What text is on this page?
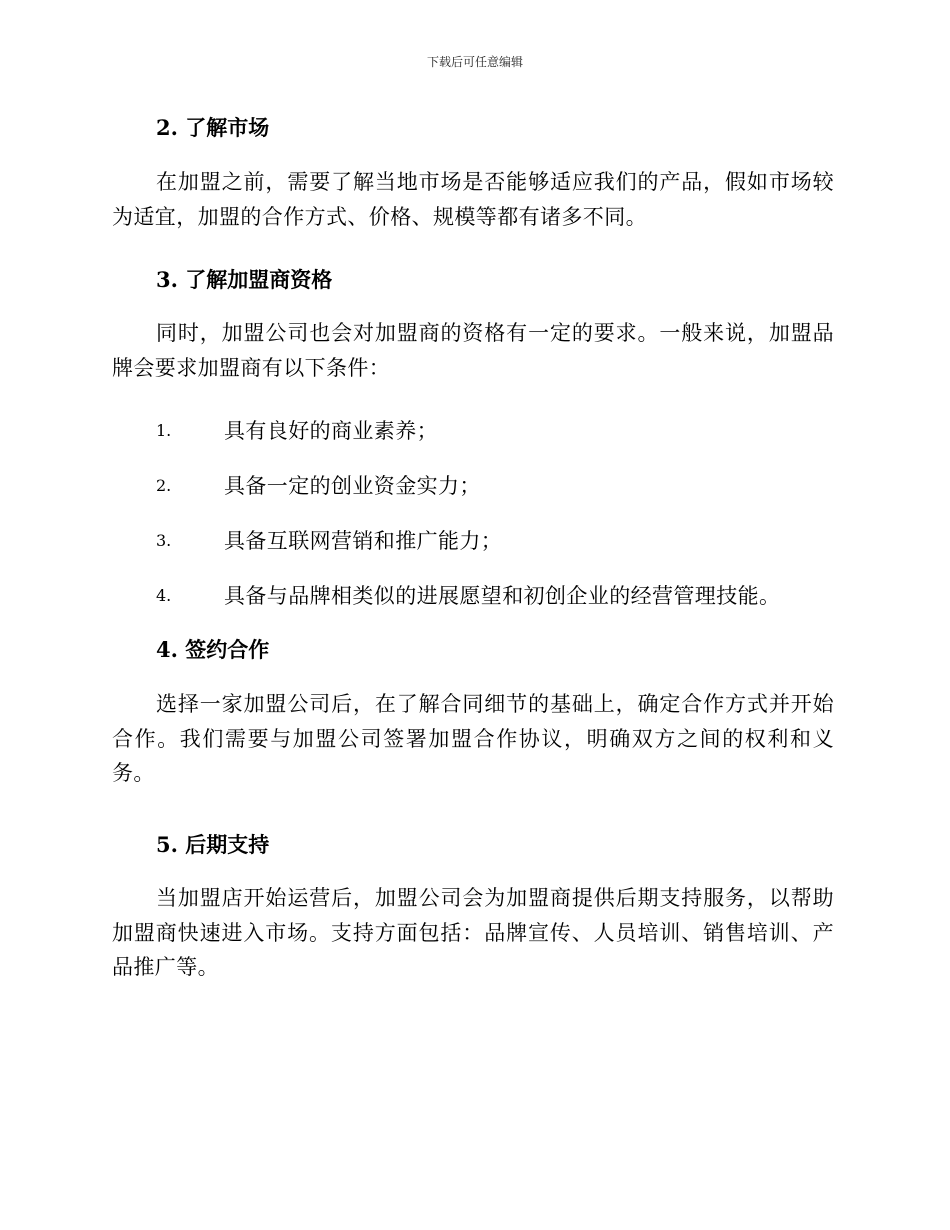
下载后可任意编辑
2. 了解市场
在加盟之前，需要了解当地市场是否能够适应我们的产品，假如市场较为适宜，加盟的合作方式、价格、规模等都有诸多不同。
3. 了解加盟商资格
同时，加盟公司也会对加盟商的资格有一定的要求。一般来说，加盟品牌会要求加盟商有以下条件：
1.	具有良好的商业素养；
2.	具备一定的创业资金实力；
3.	具备互联网营销和推广能力；
4.	具备与品牌相类似的进展愿望和初创企业的经营管理技能。
4. 签约合作
选择一家加盟公司后，在了解合同细节的基础上，确定合作方式并开始合作。我们需要与加盟公司签署加盟合作协议，明确双方之间的权利和义务。
5. 后期支持
当加盟店开始运营后，加盟公司会为加盟商提供后期支持服务，以帮助加盟商快速进入市场。支持方面包括：品牌宣传、人员培训、销售培训、产品推广等。
